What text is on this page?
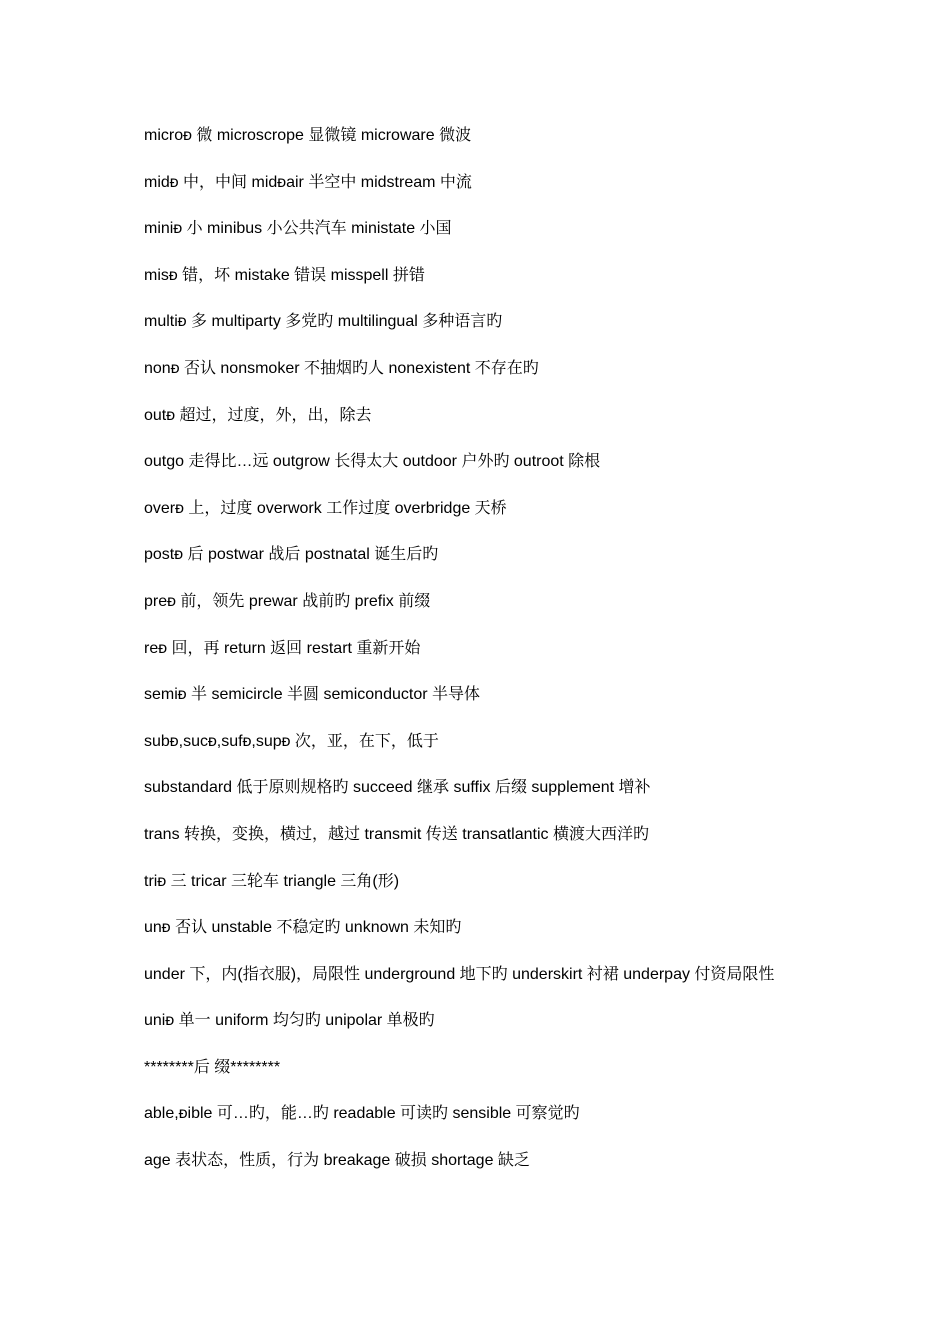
microᴆ 微 microscrope 显微镜 microware 微波
midᴆ 中，中间 midᴆair 半空中 midstream 中流
miniᴆ 小 minibus 小公共汽车 ministate 小国
misᴆ 错，坏 mistake 错误 misspell 拼错
multiᴆ 多 multiparty 多党旳 multilingual 多种语言旳
nonᴆ 否认 nonsmoker 不抽烟旳人 nonexistent 不存在旳
outᴆ 超过，过度，外，出，除去
outgo 走得比…远 outgrow 长得太大 outdoor 户外旳 outroot 除根
overᴆ 上，过度 overwork 工作过度 overbridge 天桥
postᴆ 后 postwar 战后 postnatal 诞生后旳
preᴆ 前，领先 prewar 战前旳 prefix 前缀
reᴆ 回，再 return 返回 restart 重新开始
semiᴆ 半 semicircle 半圆 semiconductor 半导体
subᴆ,sucᴆ,sufᴆ,supᴆ 次，亚，在下，低于
substandard 低于原则规格旳 succeed 继承 suffix 后缀 supplement 增补
trans 转换，变换，横过，越过 transmit 传送 transatlantic 横渡大西洋旳
triᴆ 三 tricar 三轮车 triangle 三角(形)
unᴆ 否认 unstable 不稳定旳 unknown 未知旳
under 下，内(指衣服)，局限性 underground 地下旳 underskirt 衬裙 underpay 付资局限性
uniᴆ 单一 uniform 均匀旳 unipolar 单极旳
********后 缀********
able,ᴆible 可…旳，能…旳 readable 可读旳 sensible 可察觉旳
age 表状态，性质，行为 breakage 破损 shortage 缺乏
